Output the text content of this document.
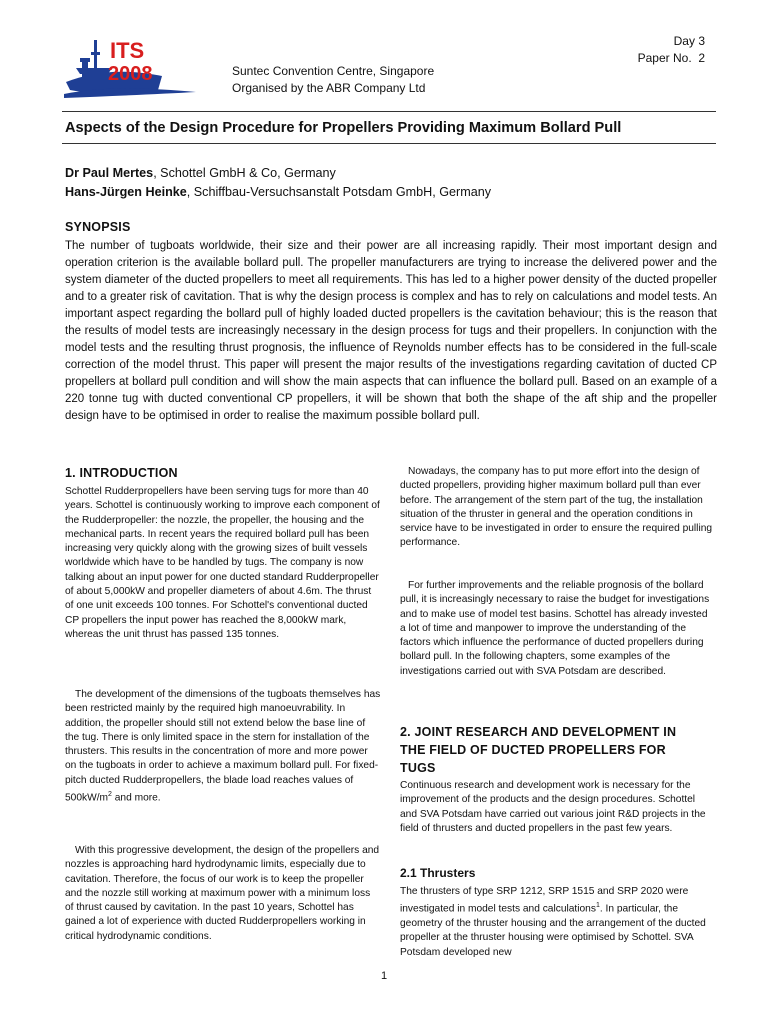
ITS
2008	Suntec Convention Centre, Singapore
Organised by the ABR Company Ltd
Day 3
Paper No.  2
Aspects of the Design Procedure for Propellers Providing Maximum Bollard Pull
Dr Paul Mertes, Schottel GmbH & Co, Germany
Hans-Jürgen Heinke, Schiffbau-Versuchsanstalt Potsdam GmbH, Germany
SYNOPSIS

The number of tugboats worldwide, their size and their power are all increasing rapidly. Their most important design and operation criterion is the available bollard pull. The propeller manufacturers are trying to increase the delivered power and the system diameter of the ducted propellers to meet all requirements. This has led to a higher power density of the ducted propeller and to a greater risk of cavitation. That is why the design process is complex and has to rely on calculations and model tests. An important aspect regarding the bollard pull of highly loaded ducted propellers is the cavitation behaviour; this is the reason that the results of model tests are increasingly necessary in the design process for tugs and their propellers. In conjunction with the model tests and the resulting thrust prognosis, the influence of Reynolds number effects has to be considered in the full-scale correction of the model thrust. This paper will present the major results of the investigations regarding cavitation of ducted CP propellers at bollard pull condition and will show the main aspects that can influence the bollard pull. Based on an example of a 220 tonne tug with ducted conventional CP propellers, it will be shown that both the shape of the aft ship and the propeller design have to be optimised in order to realise the maximum possible bollard pull.

1. INTRODUCTION

Schottel Rudderpropellers have been serving tugs for more than 40 years. Schottel is continuously working to improve each component of the Rudderpropeller: the nozzle, the propeller, the housing and the mechanical parts. In recent years the required bollard pull has been increasing very quickly along with the growing sizes of built vessels worldwide which have to be handled by tugs. The company is now talking about an input power for one ducted standard Rudderpropeller of about 5,000kW and propeller diameters of about 4.6m. The thrust of one unit exceeds 100 tonnes. For Schottel's conventional ducted CP propellers the input power has reached the 8,000kW mark, whereas the unit thrust has passed 135 tonnes.

The development of the dimensions of the tugboats themselves has been restricted mainly by the required high manoeuvrability. In addition, the propeller should still not extend below the base line of the tug. There is only limited space in the stern for installation of the thrusters. This results in the concentration of more and more power on the tugboats in order to achieve a maximum bollard pull. For fixed-pitch ducted Rudderpropellers, the blade load reaches values of $500kW/m^2$ and more.

With this progressive development, the design of the propellers and nozzles is approaching hard hydrodynamic limits, especially due to cavitation. Therefore, the focus of our work is to keep the propeller and the nozzle still working at maximum power with a minimum loss of thrust caused by cavitation. In the past 10 years, Schottel has gained a lot of experience with ducted Rudderpropellers working in critical hydrodynamic conditions.

Nowadays, the company has to put more effort into the design of ducted propellers, providing higher maximum bollard pull than ever before. The arrangement of the stern part of the tug, the installation situation of the thruster in general and the operation conditions in service have to be investigated in order to ensure the required pulling performance.

For further improvements and the reliable prognosis of the bollard pull, it is increasingly necessary to raise the budget for investigations and to make use of model test basins. Schottel has already invested a lot of time and manpower to improve the understanding of the factors which influence the performance of ducted propellers during bollard pull. In the following chapters, some examples of the investigations carried out with SVA Potsdam are described.

2. JOINT RESEARCH AND DEVELOPMENT IN THE FIELD OF DUCTED PROPELLERS FOR TUGS

Continuous research and development work is necessary for the improvement of the products and the design procedures. Schottel and SVA Potsdam have carried out various joint R&D projects in the field of thrusters and ducted propellers in the past few years.

2.1 Thrusters

The thrusters of type SRP 1212, SRP 1515 and SRP 2020 were investigated in model tests and calculations$^1$. In particular, the geometry of the thruster housing and the arrangement of the ducted propeller at the thruster housing were optimised by Schottel. SVA Potsdam developed new

1
